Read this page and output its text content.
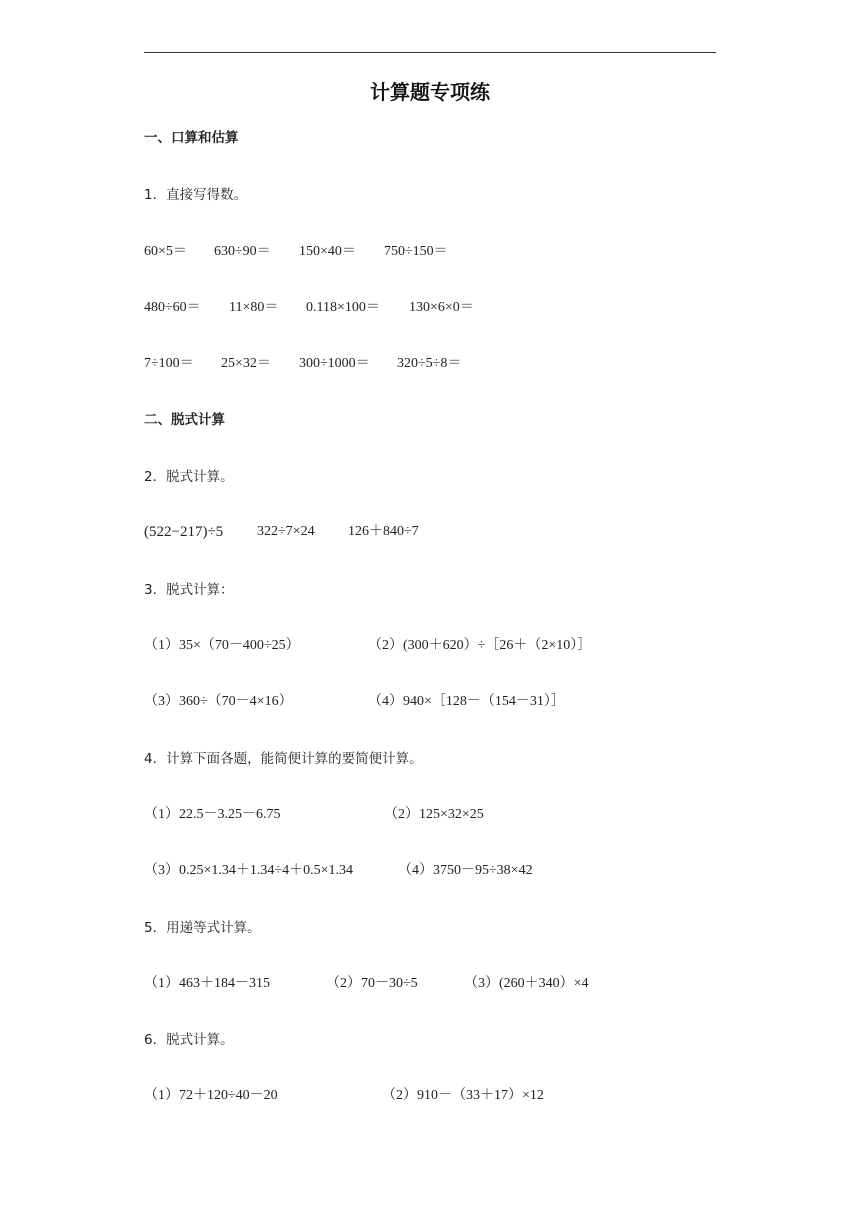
计算题专项练
一、口算和估算
1．直接写得数。
60×5＝ 630÷90＝ 150×40＝ 750÷150＝
480÷60＝ 11×80＝ 0.118×100＝ 130×6×0＝
7÷100＝ 25×32＝ 300÷1000＝ 320÷5÷8＝
二、脱式计算
2．脱式计算。
(522−217)÷5 322÷7×24 126＋840÷7
3．脱式计算：
（1）35×（70－400÷25）	（2）(300＋620）÷［26＋（2×10）］
（3）360÷（70－4×16）	（4）940×［128－（154－31）］
4．计算下面各题，能简便计算的要简便计算。
（1）22.5－3.25－6.75	（2）125×32×25
（3）0.25×1.34＋1.34÷4＋0.5×1.34	（4）3750－95÷38×42
5．用递等式计算。
（1）463＋184－315	（2）70－30÷5	（3）(260＋340）×4
6．脱式计算。
（1）72＋120÷40－20	（2）910－（33＋17）×12
